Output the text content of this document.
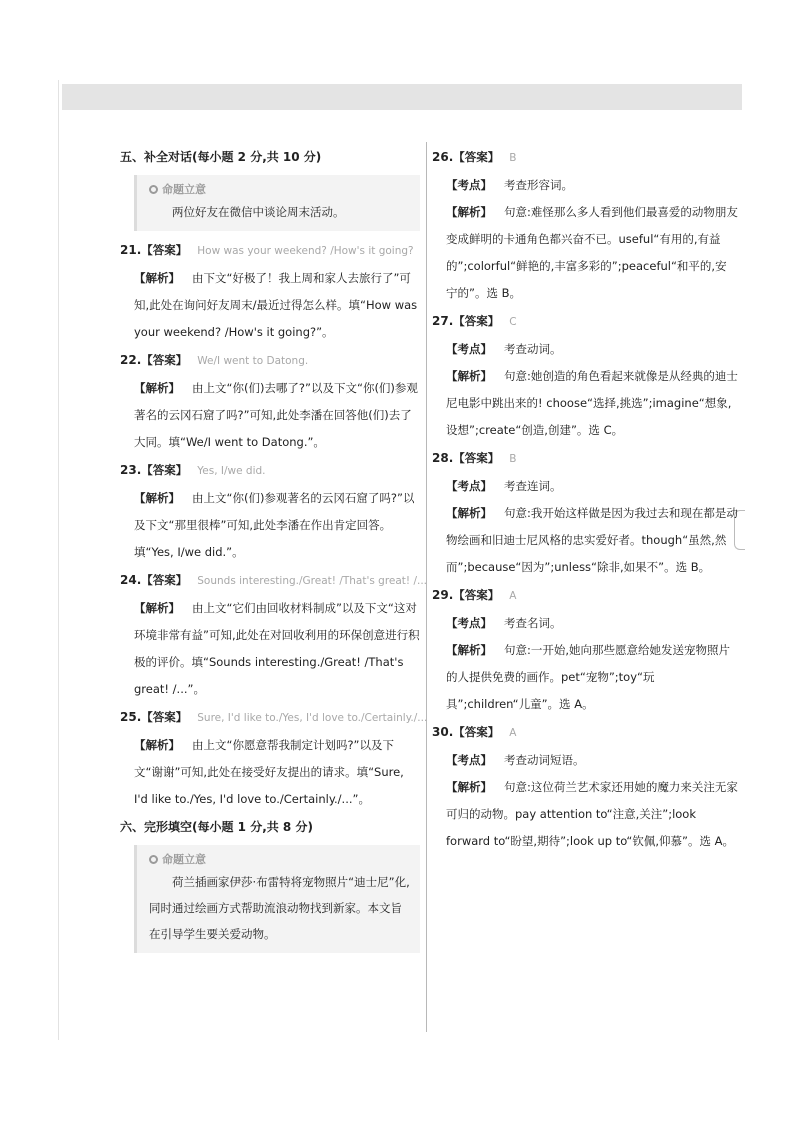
五、补全对话(每小题 2 分,共 10 分)
命题立意
两位好友在微信中谈论周末活动。
21.【答案】 How was your weekend? /How's it going?
【解析】 由下文“好极了！我上周和家人去旅行了”可知,此处在询问好友周末/最近过得怎么样。填“How was your weekend? /How's it going?”。
22.【答案】 We/I went to Datong.
【解析】 由上文“你(们)去哪了?”以及下文“你(们)参观著名的云冈石窟了吗?”可知,此处李潘在回答他(们)去了大同。填“We/I went to Datong.”。
23.【答案】 Yes, I/we did.
【解析】 由上文“你(们)参观著名的云冈石窟了吗?”以及下文“那里很棒”可知,此处李潘在作出肯定回答。填“Yes, I/we did.”。
24.【答案】 Sounds interesting./Great! /That's great! /...
【解析】 由上文“它们由回收材料制成”以及下文“这对环境非常有益”可知,此处在对回收利用的环保创意进行积极的评价。填“Sounds interesting./Great! /That's great! /...”。
25.【答案】 Sure, I'd like to./Yes, I'd love to./Certainly./...
【解析】 由上文“你愿意帮我制定计划吗?”以及下文“谢谢”可知,此处在接受好友提出的请求。填“Sure, I'd like to./Yes, I'd love to./Certainly./...”。
六、完形填空(每小题 1 分,共 8 分)
命题立意
荷兰插画家伊莎·布雷特将宠物照片“迪士尼”化,同时通过绘画方式帮助流浪动物找到新家。本文旨在引导学生要关爱动物。
26.【答案】 B
【考点】 考查形容词。
【解析】 句意:难怪那么多人看到他们最喜爱的动物朋友变成鲜明的卡通角色都兴奋不已。useful“有用的,有益的”;colorful“鲜艳的,丰富多彩的”;peaceful“和平的,安宁的”。选 B。
27.【答案】 C
【考点】 考查动词。
【解析】 句意:她创造的角色看起来就像是从经典的迪士尼电影中跳出来的! choose“选择,挑选”;imagine“想象,设想”;create“创造,创建”。选 C。
28.【答案】 B
【考点】 考查连词。
【解析】 句意:我开始这样做是因为我过去和现在都是动物绘画和旧迪士尼风格的忠实爱好者。though“虽然,然而”;because“因为”;unless“除非,如果不”。选 B。
29.【答案】 A
【考点】 考查名词。
【解析】 句意:一开始,她向那些愿意给她发送宠物照片的人提供免费的画作。pet“宠物”;toy“玩具”;children“儿童”。选 A。
30.【答案】 A
【考点】 考查动词短语。
【解析】 句意:这位荷兰艺术家还用她的魔力来关注无家可归的动物。pay attention to“注意,关注”;look forward to“盼望,期待”;look up to“钦佩,仰慕”。选 A。
